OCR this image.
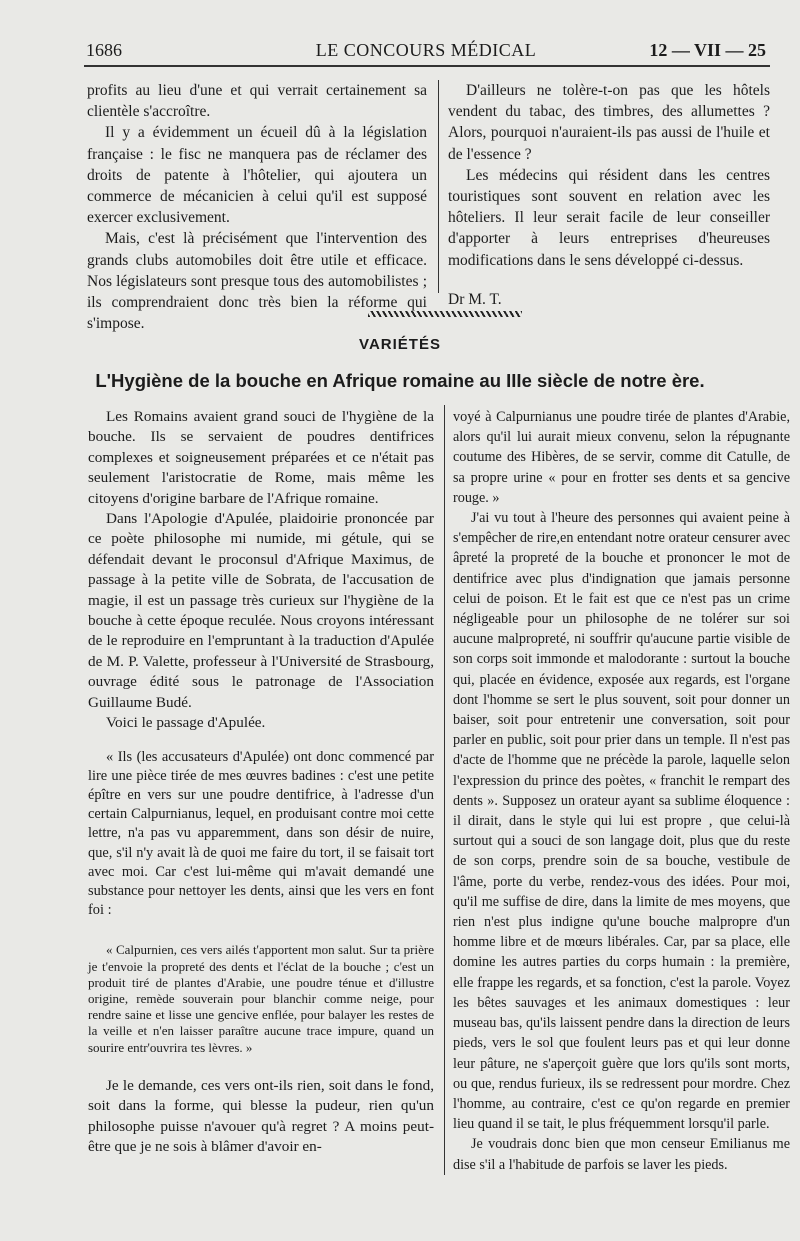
LE CONCOURS MÉDICAL
1686	12 — VII — 25

profits au lieu d'une et qui verrait certainement sa clientèle s'accroître.

Il y a évidemment un écueil dû à la législation française : le fisc ne manquera pas de réclamer des droits de patente à l'hôtelier, qui ajoutera un commerce de mécanicien à celui qu'il est supposé exercer exclusivement.

Mais, c'est là précisément que l'intervention des grands clubs automobiles doit être utile et efficace. Nos législateurs sont presque tous des automobilistes ; ils comprendraient donc très bien la réforme qui s'impose.

D'ailleurs ne tolère-t-on pas que les hôtels vendent du tabac, des timbres, des allumettes ? Alors, pourquoi n'auraient-ils pas aussi de l'huile et de l'essence ?

Les médecins qui résident dans les centres touristiques sont souvent en relation avec les hôteliers. Il leur serait facile de leur conseiller d'apporter à leurs entreprises d'heureuses modifications dans le sens développé ci-dessus.

Dr M. T.

VARIÉTÉS
L'Hygiène de la bouche en Afrique romaine au IIIe siècle de notre ère.

Les Romains avaient grand souci de l'hygiène de la bouche. Ils se servaient de poudres dentifrices complexes et soigneusement préparées et ce n'était pas seulement l'aristocratie de Rome, mais même les citoyens d'origine barbare de l'Afrique romaine.

Dans l'Apologie d'Apulée, plaidoirie prononcée par ce poète philosophe mi numide, mi gétule, qui se défendait devant le proconsul d'Afrique Maximus, de passage à la petite ville de Sobrata, de l'accusation de magie, il est un passage très curieux sur l'hygiène de la bouche à cette époque reculée. Nous croyons intéressant de le reproduire en l'empruntant à la traduction d'Apulée de M. P. Valette, professeur à l'Université de Strasbourg, ouvrage édité sous le patronage de l'Association Guillaume Budé.

Voici le passage d'Apulée.

« Ils (les accusateurs d'Apulée) ont donc commencé par lire une pièce tirée de mes œuvres badines : c'est une petite épître en vers sur une poudre dentifrice, à l'adresse d'un certain Calpurnianus, lequel, en produisant contre moi cette lettre, n'a pas vu apparemment, dans son désir de nuire, que, s'il n'y avait là de quoi me faire du tort, il se faisait tort avec moi. Car c'est lui-même qui m'avait demandé une substance pour nettoyer les dents, ainsi que les vers en font foi :

« Calpurnien, ces vers ailés t'apportent mon salut. Sur ta prière je t'envoie la propreté des dents et l'éclat de la bouche ; c'est un produit tiré de plantes d'Arabie, une poudre ténue et d'illustre origine, remède souverain pour blanchir comme neige, pour rendre saine et lisse une gencive enflée, pour balayer les restes de la veille et n'en laisser paraître aucune trace impure, quand un sourire entr'ouvrira tes lèvres. »

Je le demande, ces vers ont-ils rien, soit dans le fond, soit dans la forme, qui blesse la pudeur, rien qu'un philosophe puisse n'avouer qu'à regret ? A moins peut-être que je ne sois à blâmer d'avoir en-

voyé à Calpurnianus une poudre tirée de plantes d'Arabie, alors qu'il lui aurait mieux convenu, selon la répugnante coutume des Hibères, de se servir, comme dit Catulle, de sa propre urine « pour en frotter ses dents et sa gencive rouge. »

J'ai vu tout à l'heure des personnes qui avaient peine à s'empêcher de rire,en entendant notre orateur censurer avec âpreté la propreté de la bouche et prononcer le mot de dentifrice avec plus d'indignation que jamais personne celui de poison. Et le fait est que ce n'est pas un crime négligeable pour un philosophe de ne tolérer sur soi aucune malpropreté, ni souffrir qu'aucune partie visible de son corps soit immonde et malodorante : surtout la bouche qui, placée en évidence, exposée aux regards, est l'organe dont l'homme se sert le plus souvent, soit pour donner un baiser, soit pour entretenir une conversation, soit pour parler en public, soit pour prier dans un temple. Il n'est pas d'acte de l'homme que ne précède la parole, laquelle selon l'expression du prince des poètes, « franchit le rempart des dents ». Supposez un orateur ayant sa sublime éloquence : il dirait, dans le style qui lui est propre , que celui-là surtout qui a souci de son langage doit, plus que du reste de son corps, prendre soin de sa bouche, vestibule de l'âme, porte du verbe, rendez-vous des idées. Pour moi, qu'il me suffise de dire, dans la limite de mes moyens, que rien n'est plus indigne qu'une bouche malpropre d'un homme libre et de mœurs libérales. Car, par sa place, elle domine les autres parties du corps humain : la première, elle frappe les regards, et sa fonction, c'est la parole. Voyez les bêtes sauvages et les animaux domestiques : leur museau bas, qu'ils laissent pendre dans la direction de leurs pieds, vers le sol que foulent leurs pas et qui leur donne leur pâture, ne s'aperçoit guère que lors qu'ils sont morts, ou que, rendus furieux, ils se redressent pour mordre. Chez l'homme, au contraire, c'est ce qu'on regarde en premier lieu quand il se tait, le plus fréquemment lorsqu'il parle.

Je voudrais donc bien que mon censeur Emilianus me dise s'il a l'habitude de parfois se laver les pieds.
